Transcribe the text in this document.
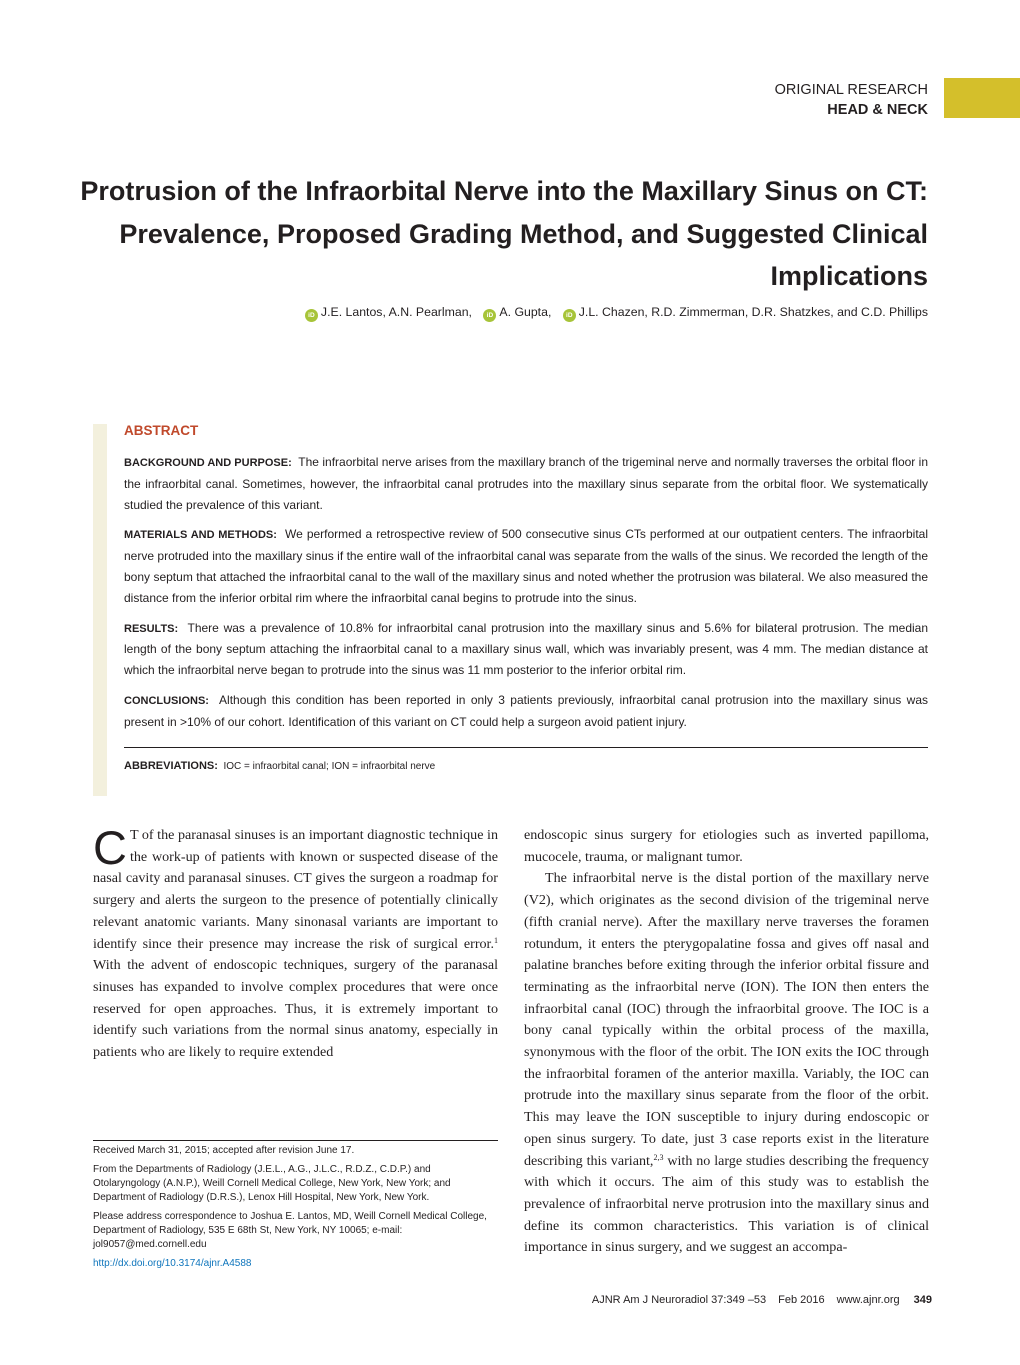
ORIGINAL RESEARCH
HEAD & NECK
Protrusion of the Infraorbital Nerve into the Maxillary Sinus on CT: Prevalence, Proposed Grading Method, and Suggested Clinical Implications
iD J.E. Lantos, A.N. Pearlman, iD A. Gupta, iD J.L. Chazen, R.D. Zimmerman, D.R. Shatzkes, and C.D. Phillips
ABSTRACT

BACKGROUND AND PURPOSE: The infraorbital nerve arises from the maxillary branch of the trigeminal nerve and normally traverses the orbital floor in the infraorbital canal. Sometimes, however, the infraorbital canal protrudes into the maxillary sinus separate from the orbital floor. We systematically studied the prevalence of this variant.

MATERIALS AND METHODS: We performed a retrospective review of 500 consecutive sinus CTs performed at our outpatient centers. The infraorbital nerve protruded into the maxillary sinus if the entire wall of the infraorbital canal was separate from the walls of the sinus. We recorded the length of the bony septum that attached the infraorbital canal to the wall of the maxillary sinus and noted whether the protrusion was bilateral. We also measured the distance from the inferior orbital rim where the infraorbital canal begins to protrude into the sinus.

RESULTS: There was a prevalence of 10.8% for infraorbital canal protrusion into the maxillary sinus and 5.6% for bilateral protrusion. The median length of the bony septum attaching the infraorbital canal to a maxillary sinus wall, which was invariably present, was 4 mm. The median distance at which the infraorbital nerve began to protrude into the sinus was 11 mm posterior to the inferior orbital rim.

CONCLUSIONS: Although this condition has been reported in only 3 patients previously, infraorbital canal protrusion into the maxillary sinus was present in >10% of our cohort. Identification of this variant on CT could help a surgeon avoid patient injury.

ABBREVIATIONS: IOC = infraorbital canal; ION = infraorbital nerve

C T of the paranasal sinuses is an important diagnostic technique in the work-up of patients with known or suspected disease of the nasal cavity and paranasal sinuses. CT gives the surgeon a roadmap for surgery and alerts the surgeon to the presence of potentially clinically relevant anatomic variants. Many sinonasal variants are important to identify since their presence may increase the risk of surgical error.$^1$ With the advent of endoscopic techniques, surgery of the paranasal sinuses has expanded to involve complex procedures that were once reserved for open approaches. Thus, it is extremely important to identify such variations from the normal sinus anatomy, especially in patients who are likely to require extended

endoscopic sinus surgery for etiologies such as inverted papilloma, mucocele, trauma, or malignant tumor.

The infraorbital nerve is the distal portion of the maxillary nerve (V2), which originates as the second division of the trigeminal nerve (fifth cranial nerve). After the maxillary nerve traverses the foramen rotundum, it enters the pterygopalatine fossa and gives off nasal and palatine branches before exiting through the inferior orbital fissure and terminating as the infraorbital nerve (ION). The ION then enters the infraorbital canal (IOC) through the infraorbital groove. The IOC is a bony canal typically within the orbital process of the maxilla, synonymous with the floor of the orbit. The ION exits the IOC through the infraorbital foramen of the anterior maxilla. Variably, the IOC can protrude into the maxillary sinus separate from the floor of the orbit. This may leave the ION susceptible to injury during endoscopic or open sinus surgery. To date, just 3 case reports exist in the literature describing this variant,$^{2,3}$ with no large studies describing the frequency with which it occurs. The aim of this study was to establish the prevalence of infraorbital nerve protrusion into the maxillary sinus and define its common characteristics. This variation is of clinical importance in sinus surgery, and we suggest an accompa-

Received March 31, 2015; accepted after revision June 17.

From the Departments of Radiology (J.E.L., A.G., J.L.C., R.D.Z., C.D.P.) and Otolaryngology (A.N.P.), Weill Cornell Medical College, New York, New York; and Department of Radiology (D.R.S.), Lenox Hill Hospital, New York, New York.

Please address correspondence to Joshua E. Lantos, MD, Weill Cornell Medical College, Department of Radiology, 535 E 68th St, New York, NY 10065; e-mail: jol9057@med.cornell.edu

http://dx.doi.org/10.3174/ajnr.A4588

AJNR Am J Neuroradiol 37:349 –53 Feb 2016 www.ajnr.org 349
